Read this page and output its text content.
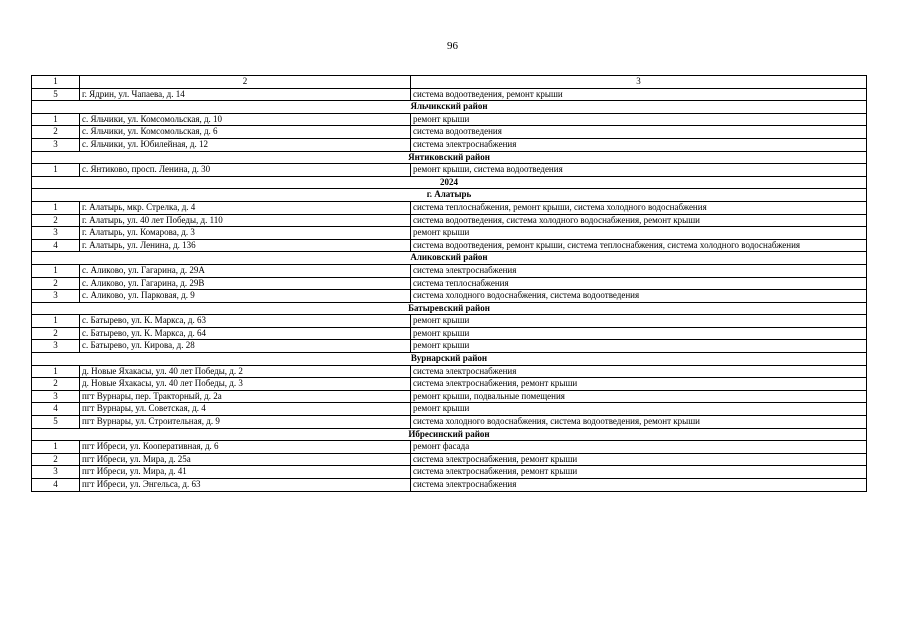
96
1	2	3
5	г. Ядрин, ул. Чапаева, д. 14	система водоотведения, ремонт крыши
Яльчикский район		
1	с. Яльчики, ул. Комсомольская, д. 10	ремонт крыши
2	с. Яльчики, ул. Комсомольская, д. 6	система водоотведения
3	с. Яльчики, ул. Юбилейная, д. 12	система электроснабжения
Янтиковский район		
1	с. Янтиково, просп. Ленина, д. 30	ремонт крыши, система водоотведения
2024		
г. Алатырь		
1	г. Алатырь, мкр. Стрелка, д. 4	система теплоснабжения, ремонт крыши, система холодного водоснабжения
2	г. Алатырь, ул. 40 лет Победы, д. 110	система водоотведения, система холодного водоснабжения, ремонт крыши
3	г. Алатырь, ул. Комарова, д. 3	ремонт крыши
4	г. Алатырь, ул. Ленина, д. 136	система водоотведения, ремонт крыши, система теплоснабжения, система холодного водоснабжения
Аликовский район		
1	с. Аликово, ул. Гагарина, д. 29А	система электроснабжения
2	с. Аликово, ул. Гагарина, д. 29В	система теплоснабжения
3	с. Аликово, ул. Парковая, д. 9	система холодного водоснабжения, система водоотведения
Батыревский район		
1	с. Батырево, ул. К. Маркса, д. 63	ремонт крыши
2	с. Батырево, ул. К. Маркса, д. 64	ремонт крыши
3	с. Батырево, ул. Кирова, д. 28	ремонт крыши
Вурнарский район		
1	д. Новые Яхакасы, ул. 40 лет Победы, д. 2	система электроснабжения
2	д. Новые Яхакасы, ул. 40 лет Победы, д. 3	система электроснабжения, ремонт крыши
3	пгт Вурнары, пер. Тракторный, д. 2а	ремонт крыши, подвальные помещения
4	пгт Вурнары, ул. Советская, д. 4	ремонт крыши
5	пгт Вурнары, ул. Строительная, д. 9	система холодного водоснабжения, система водоотведения, ремонт крыши
Ибресинский район		
1	пгт Ибреси, ул. Кооперативная, д. 6	ремонт фасада
2	пгт Ибреси, ул. Мира, д. 25а	система электроснабжения, ремонт крыши
3	пгт Ибреси, ул. Мира, д. 41	система электроснабжения, ремонт крыши
4	пгт Ибреси, ул. Энгельса, д. 63	система электроснабжения
